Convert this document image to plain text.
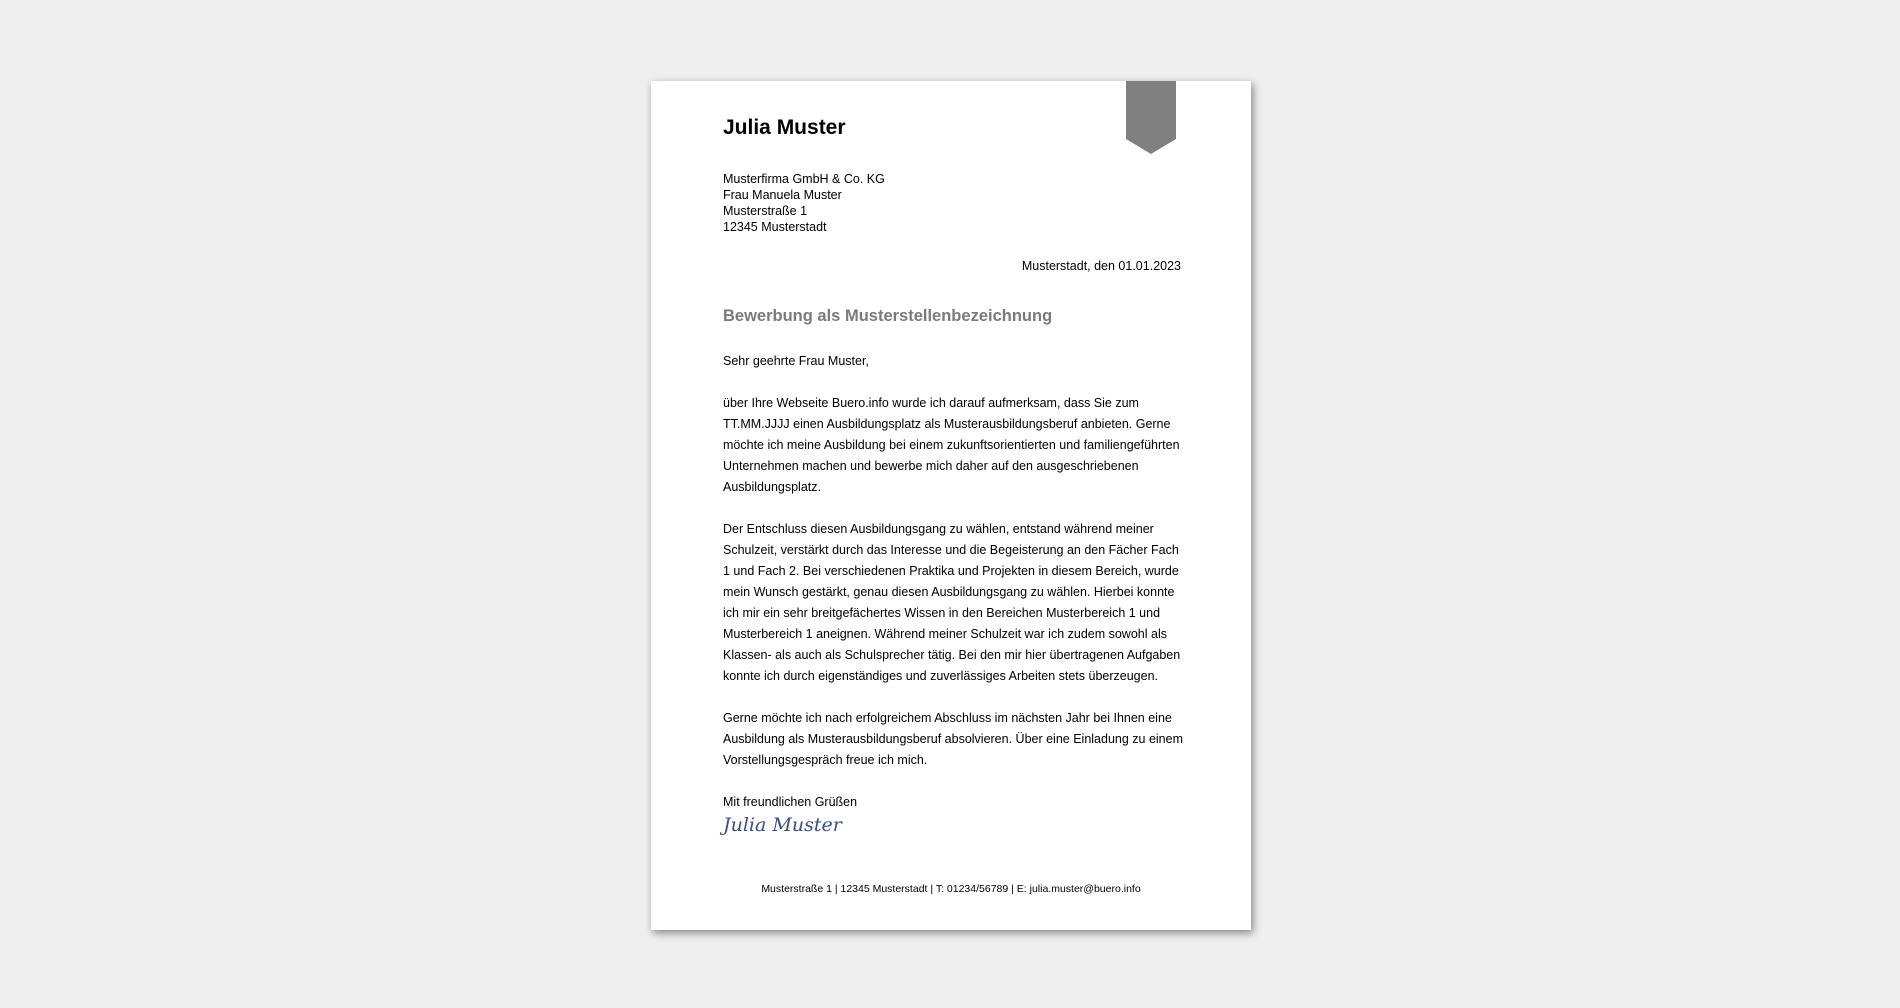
Julia Muster
Musterfirma GmbH & Co. KG
Frau Manuela Muster
Musterstraße 1
12345 Musterstadt
Musterstadt, den 01.01.2023
Bewerbung als Musterstellenbezeichnung

Sehr geehrte Frau Muster,

über Ihre Webseite Buero.info wurde ich darauf aufmerksam, dass Sie zum TT.MM.JJJJ einen Ausbildungsplatz als Musterausbildungsberuf anbieten. Gerne möchte ich meine Ausbildung bei einem zukunftsorientierten und familiengeführten Unternehmen machen und bewerbe mich daher auf den ausgeschriebenen Ausbildungsplatz.

Der Entschluss diesen Ausbildungsgang zu wählen, entstand während meiner Schulzeit, verstärkt durch das Interesse und die Begeisterung an den Fächer Fach 1 und Fach 2. Bei verschiedenen Praktika und Projekten in diesem Bereich, wurde mein Wunsch gestärkt, genau diesen Ausbildungsgang zu wählen. Hierbei konnte ich mir ein sehr breitgefächertes Wissen in den Bereichen Musterbereich 1 und Musterbereich 1 aneignen. Während meiner Schulzeit war ich zudem sowohl als Klassen- als auch als Schulsprecher tätig. Bei den mir hier übertragenen Aufgaben konnte ich durch eigenständiges und zuverlässiges Arbeiten stets überzeugen.

Gerne möchte ich nach erfolgreichem Abschluss im nächsten Jahr bei Ihnen eine Ausbildung als Musterausbildungsberuf absolvieren. Über eine Einladung zu einem Vorstellungsgespräch freue ich mich.

Mit freundlichen Grüßen

Julia Muster
Musterstraße 1 | 12345 Musterstadt | T: 01234/56789 | E: julia.muster@buero.info
